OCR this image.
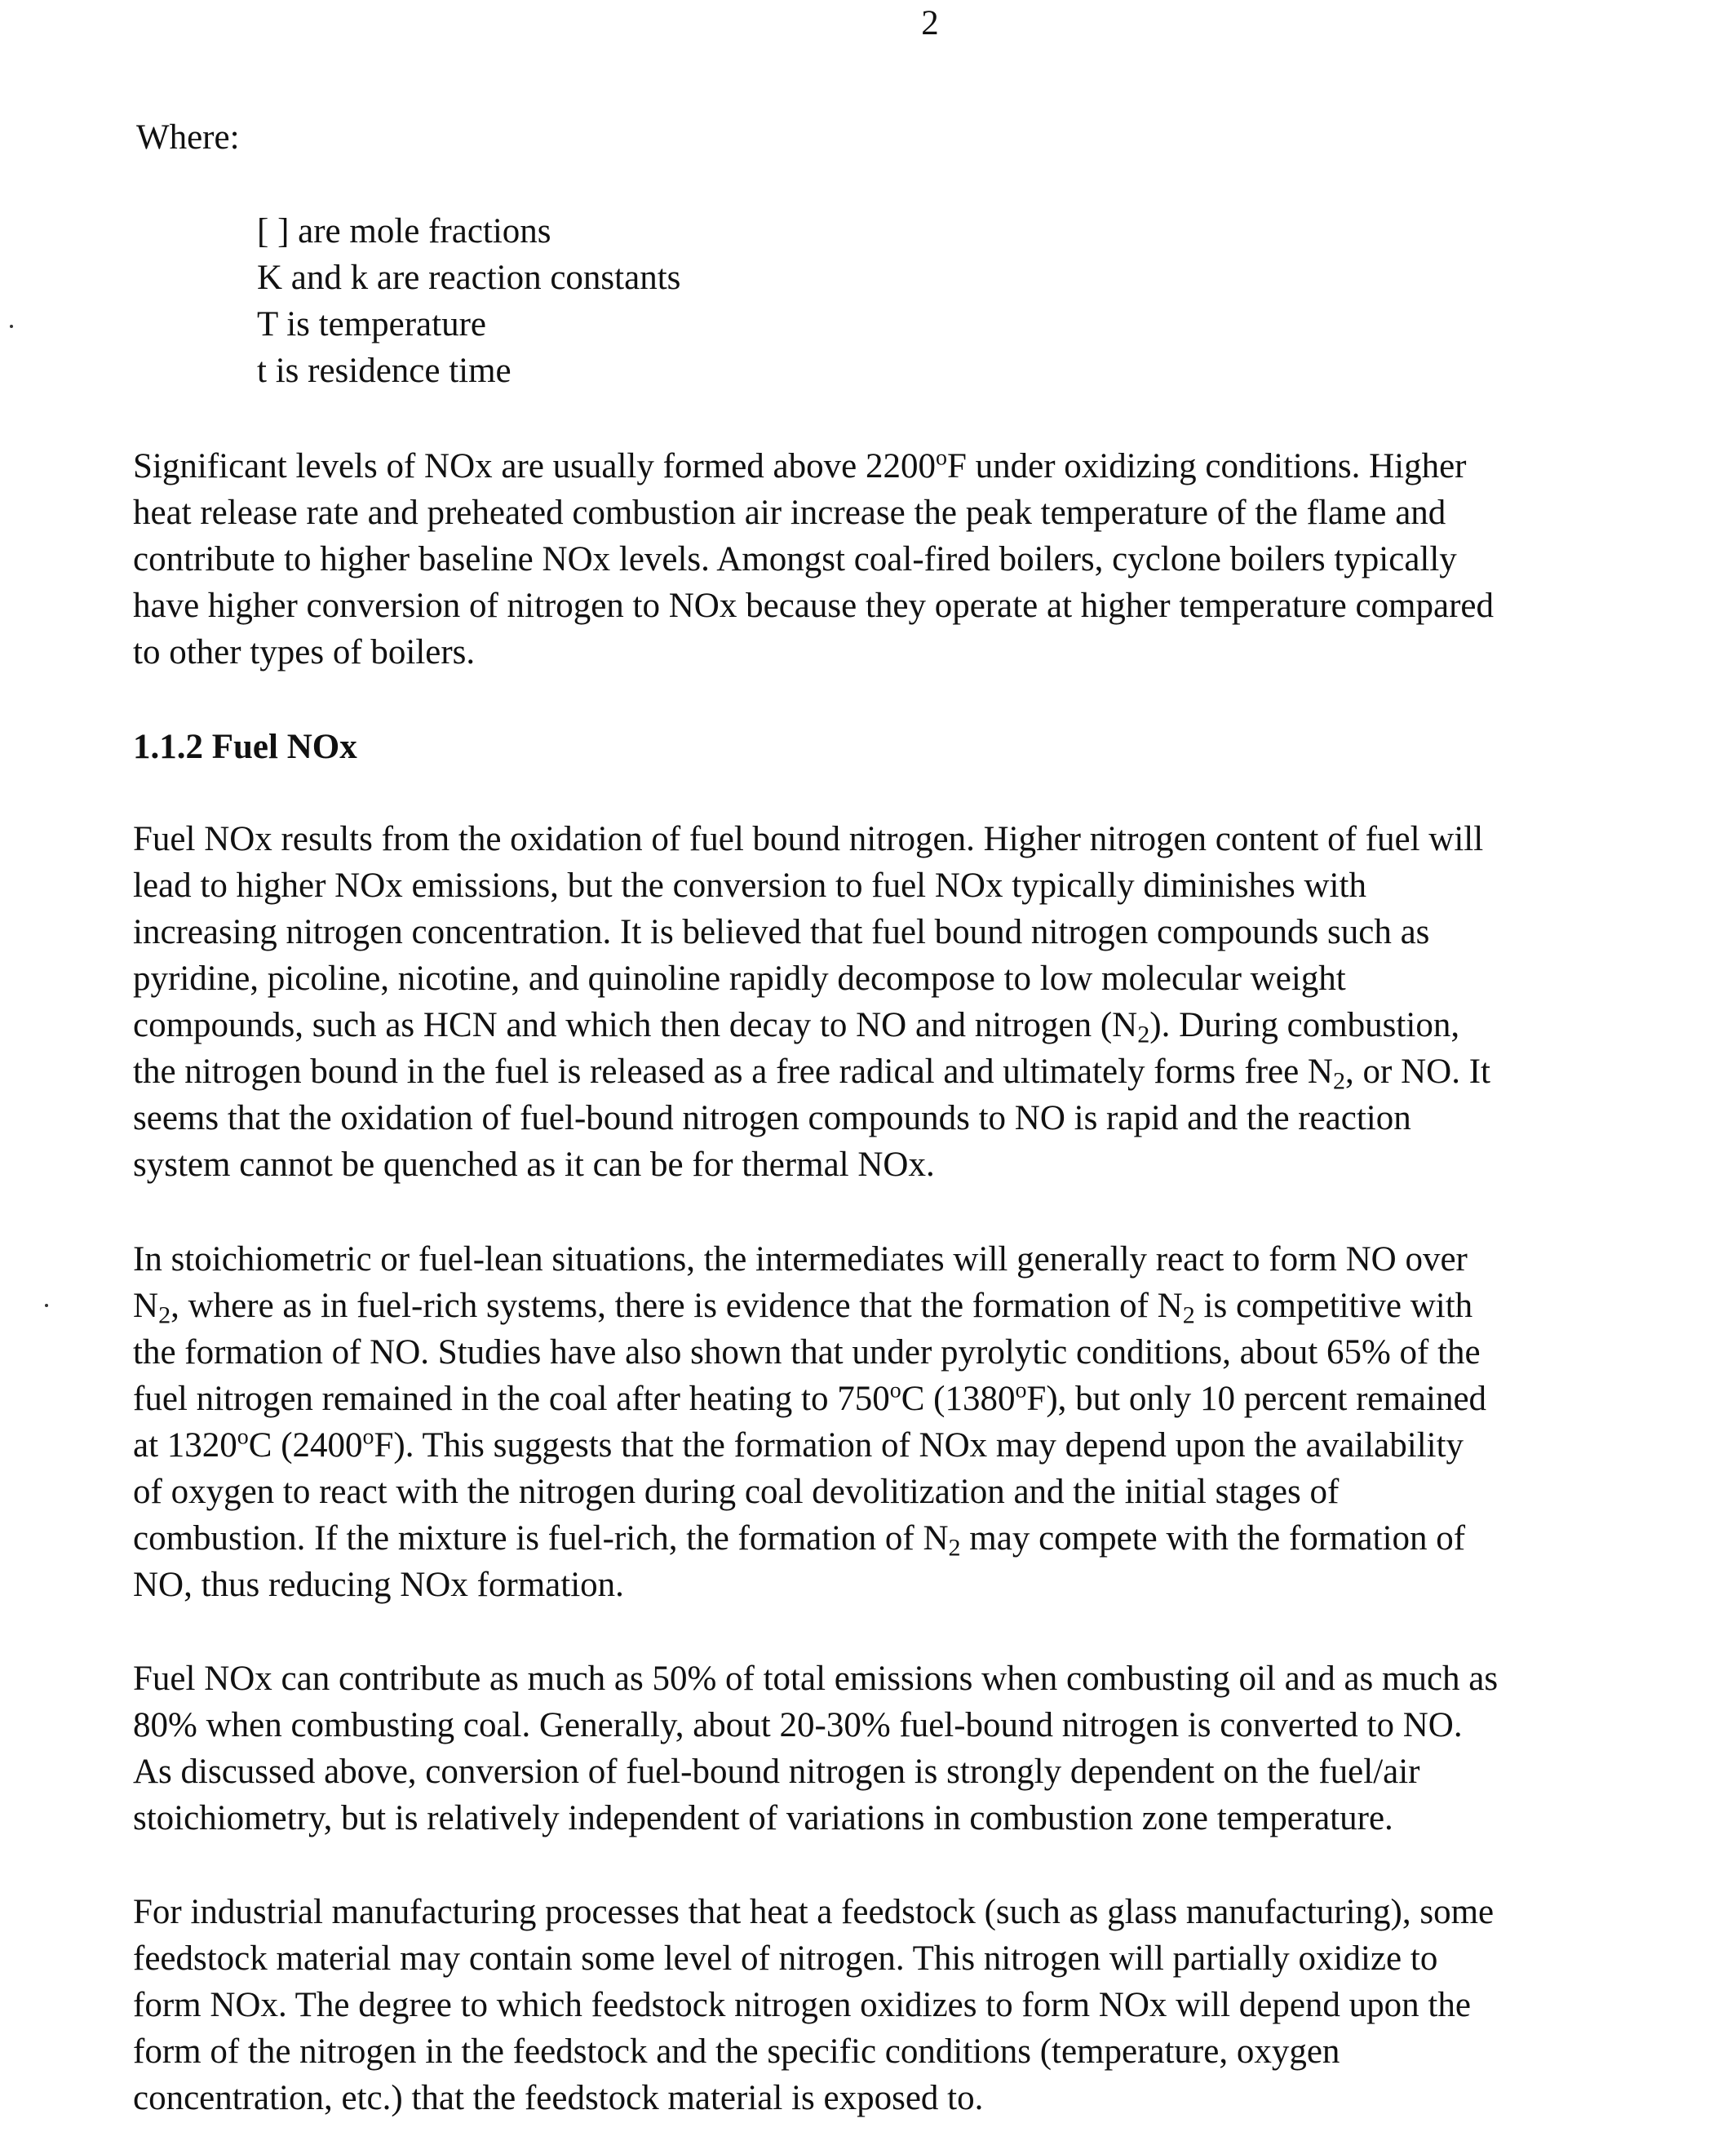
2
Where:
[ ] are mole fractions
K and k are reaction constants
T is temperature
t is residence time
Significant levels of NOx are usually formed above 2200$^o$F under oxidizing conditions. Higher
heat release rate and preheated combustion air increase the peak temperature of the flame and
contribute to higher baseline NOx levels. Amongst coal-fired boilers, cyclone boilers typically
have higher conversion of nitrogen to NOx because they operate at higher temperature compared
to other types of boilers.
1.1.2 Fuel NOx
Fuel NOx results from the oxidation of fuel bound nitrogen. Higher nitrogen content of fuel will
lead to higher NOx emissions, but the conversion to fuel NOx typically diminishes with
increasing nitrogen concentration. It is believed that fuel bound nitrogen compounds such as
pyridine, picoline, nicotine, and quinoline rapidly decompose to low molecular weight
compounds, such as HCN and which then decay to NO and nitrogen $(N_2)$. During combustion,
the nitrogen bound in the fuel is released as a free radical and ultimately forms free $N_2$, or NO. It
seems that the oxidation of fuel-bound nitrogen compounds to NO is rapid and the reaction
system cannot be quenched as it can be for thermal NOx.
In stoichiometric or fuel-lean situations, the intermediates will generally react to form NO over
$N_2$, where as in fuel-rich systems, there is evidence that the formation of $N_2$ is competitive with
the formation of NO. Studies have also shown that under pyrolytic conditions, about 65% of the
fuel nitrogen remained in the coal after heating to 750$^o$C (1380$^o$F), but only 10 percent remained
at 1320$^o$C (2400$^o$F). This suggests that the formation of NOx may depend upon the availability
of oxygen to react with the nitrogen during coal devolitization and the initial stages of
combustion. If the mixture is fuel-rich, the formation of $N_2$ may compete with the formation of
NO, thus reducing NOx formation.
Fuel NOx can contribute as much as 50% of total emissions when combusting oil and as much as
80% when combusting coal. Generally, about 20-30% fuel-bound nitrogen is converted to NO.
As discussed above, conversion of fuel-bound nitrogen is strongly dependent on the fuel/air
stoichiometry, but is relatively independent of variations in combustion zone temperature.
For industrial manufacturing processes that heat a feedstock (such as glass manufacturing), some
feedstock material may contain some level of nitrogen. This nitrogen will partially oxidize to
form NOx. The degree to which feedstock nitrogen oxidizes to form NOx will depend upon the
form of the nitrogen in the feedstock and the specific conditions (temperature, oxygen
concentration, etc.) that the feedstock material is exposed to.
